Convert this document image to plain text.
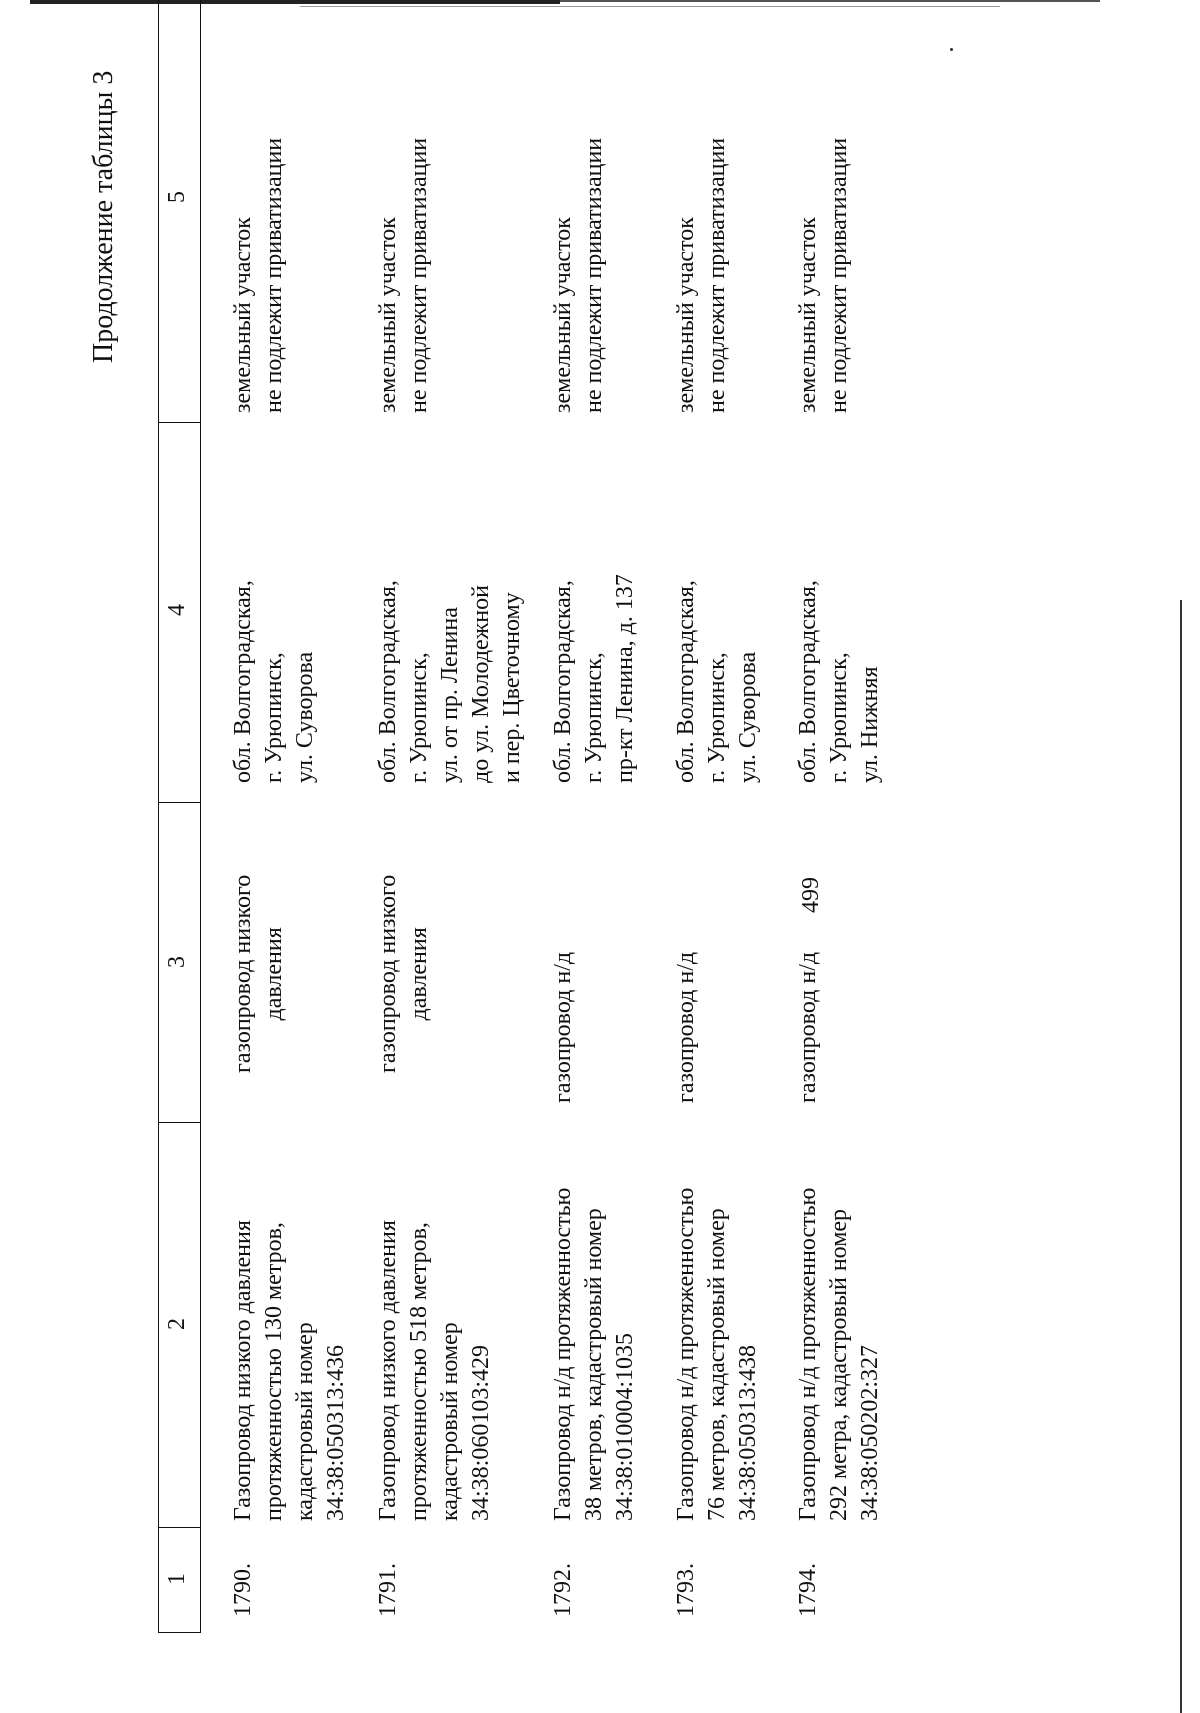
499
Продолжение таблицы 3
1
2
3
4
5
1790.
Газопровод низкого давления
протяженностью 130 метров,
кадастровый номер
34:38:050313:436
газопровод низкого
давления
обл. Волгоградская,
г. Урюпинск,
ул. Суворова
земельный участок
не подлежит приватизации
1791.
Газопровод низкого давления
протяженностью 518 метров,
кадастровый номер
34:38:060103:429
газопровод низкого
давления
обл. Волгоградская,
г. Урюпинск,
ул. от пр. Ленина
до ул. Молодежной
и пер. Цветочному
земельный участок
не подлежит приватизации
1792.
Газопровод н/д протяженностью
38 метров, кадастровый номер
34:38:010004:1035
газопровод н/д
обл. Волгоградская,
г. Урюпинск,
пр-кт Ленина, д. 137
земельный участок
не подлежит приватизации
1793.
Газопровод н/д протяженностью
76 метров, кадастровый номер
34:38:050313:438
газопровод н/д
обл. Волгоградская,
г. Урюпинск,
ул. Суворова
земельный участок
не подлежит приватизации
1794.
Газопровод н/д протяженностью
292 метра, кадастровый номер
34:38:050202:327
газопровод н/д
обл. Волгоградская,
г. Урюпинск,
ул. Нижняя
земельный участок
не подлежит приватизации
